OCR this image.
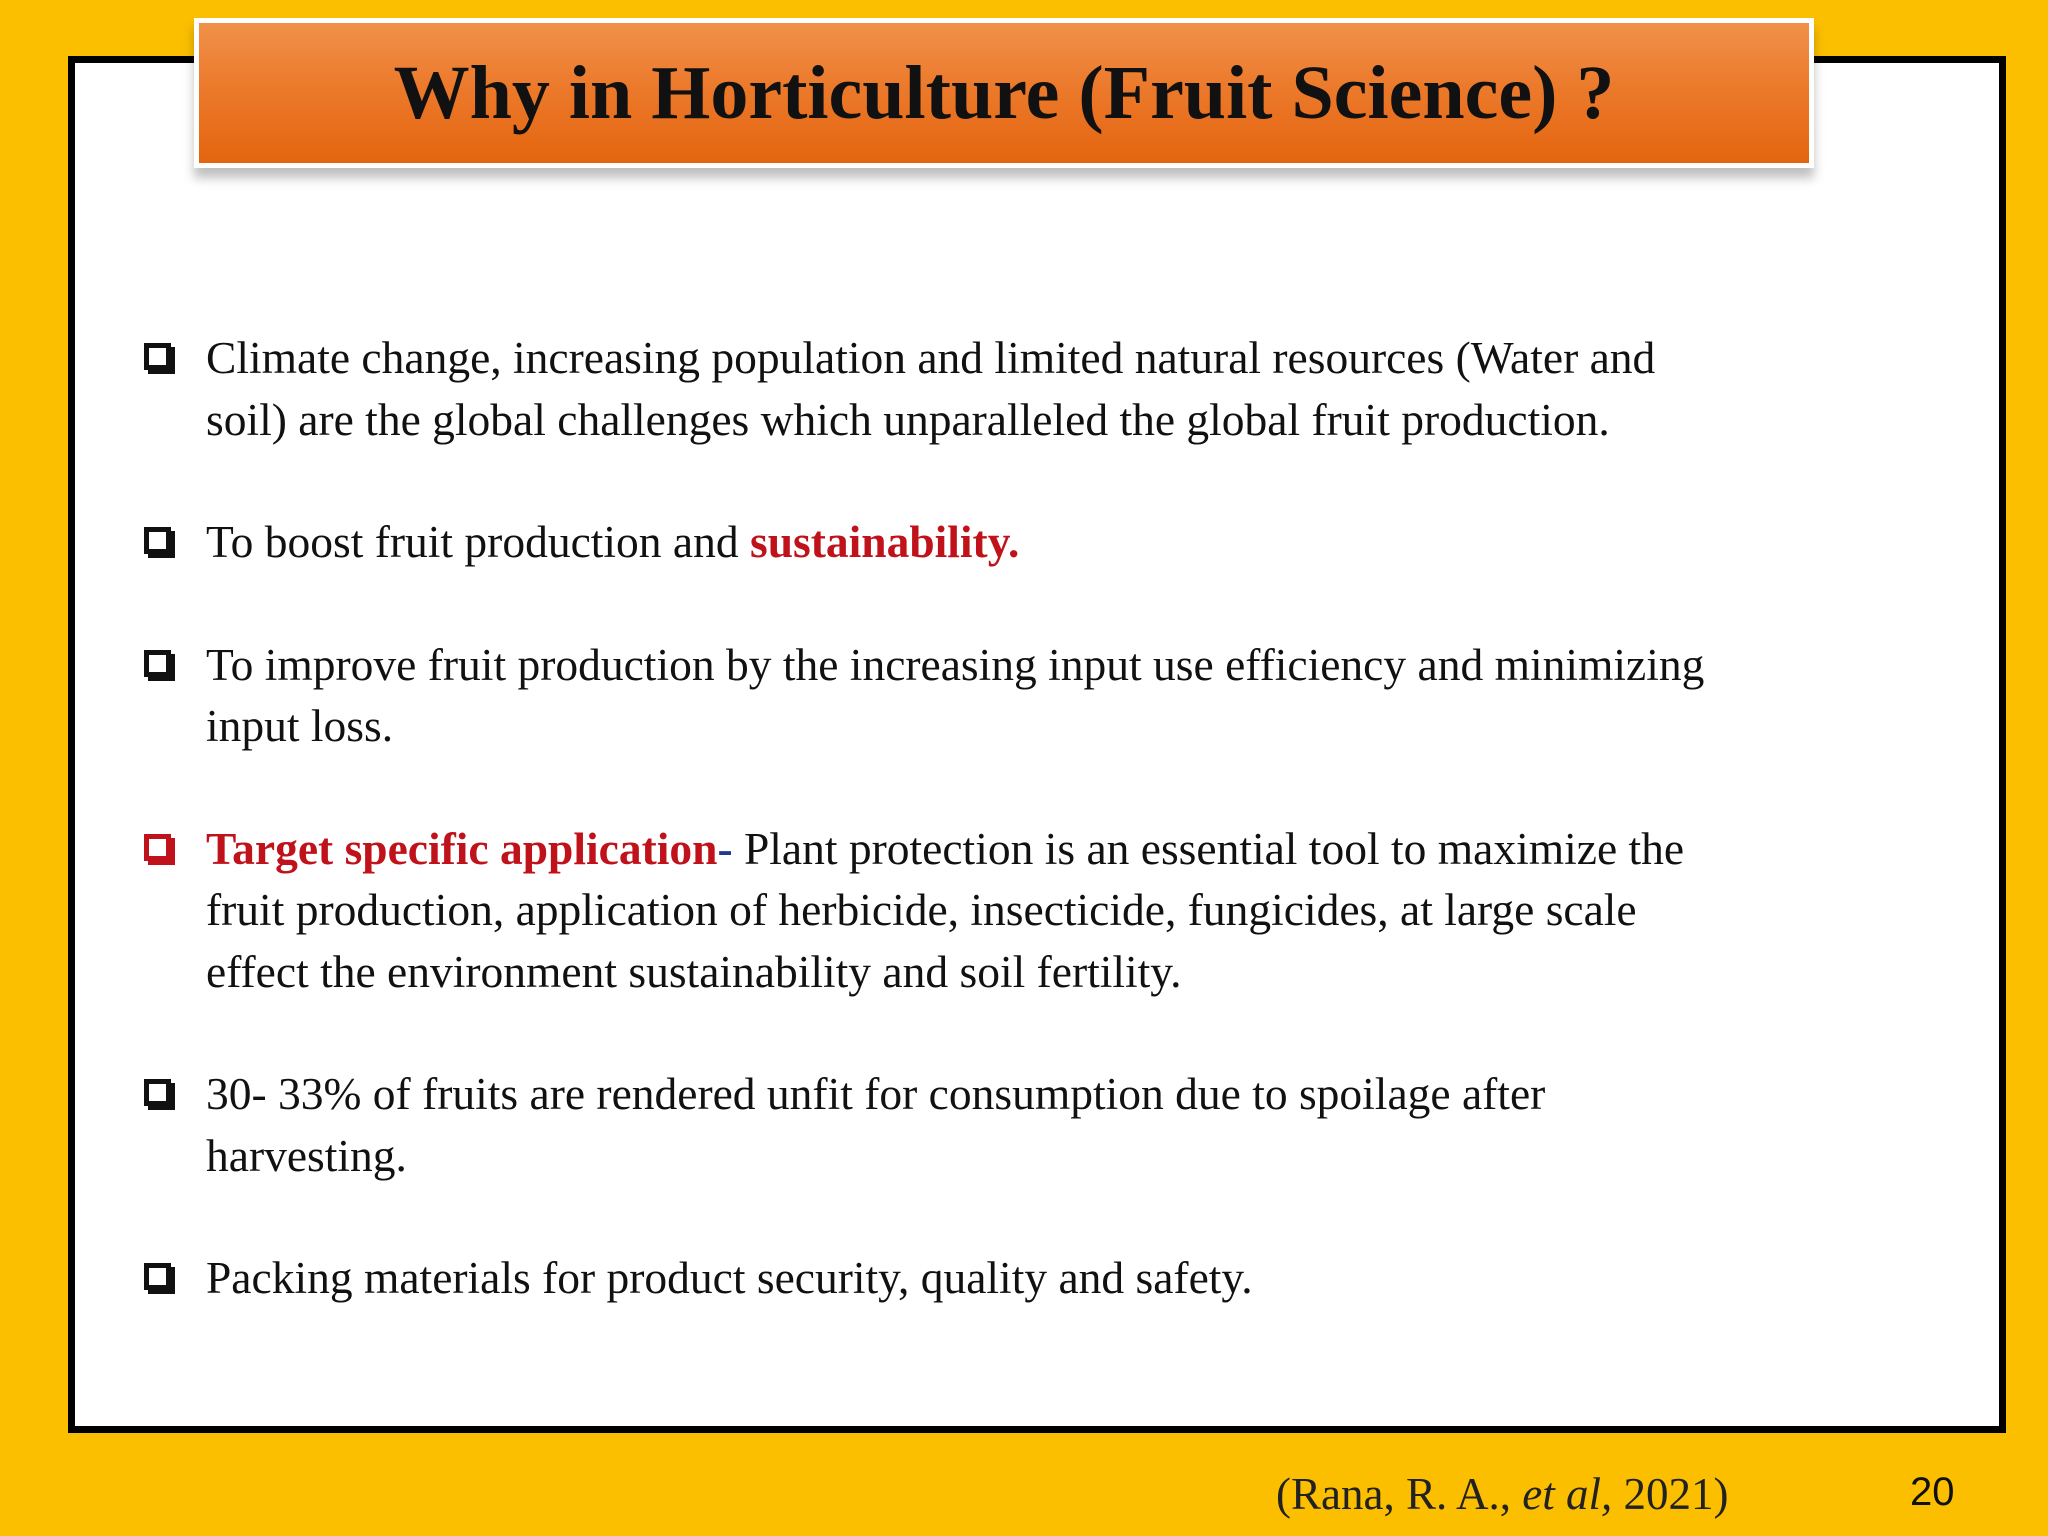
Why in Horticulture (Fruit Science) ?
Climate change, increasing population and limited natural resources (Water and soil) are the global challenges which unparalleled the global fruit production.
To boost fruit production and sustainability.
To improve fruit production by the increasing input use efficiency and minimizing input loss.
Target specific application- Plant protection is an essential tool to maximize the fruit production, application of herbicide, insecticide, fungicides, at large scale effect the environment sustainability and soil fertility.
30- 33% of fruits are rendered unfit for consumption due to spoilage after harvesting.
Packing materials for product security, quality and safety.
(Rana, R. A., et al, 2021)	20
